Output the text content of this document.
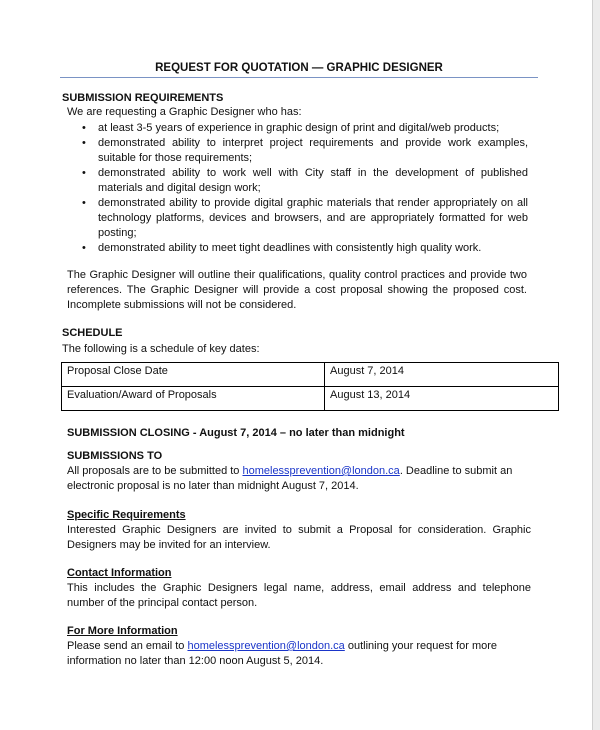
REQUEST FOR QUOTATION — GRAPHIC DESIGNER
SUBMISSION REQUIREMENTS
We are requesting a Graphic Designer who has:
• at least 3-5 years of experience in graphic design of print and digital/web products;
• demonstrated ability to interpret project requirements and provide work examples, suitable for those requirements;
• demonstrated ability to work well with City staff in the development of published materials and digital design work;
• demonstrated ability to provide digital graphic materials that render appropriately on all technology platforms, devices and browsers, and are appropriately formatted for web posting;
• demonstrated ability to meet tight deadlines with consistently high quality work.
The Graphic Designer will outline their qualifications, quality control practices and provide two references. The Graphic Designer will provide a cost proposal showing the proposed cost. Incomplete submissions will not be considered.
SCHEDULE
The following is a schedule of key dates:
Proposal Close Date	August 7, 2014
Evaluation/Award of Proposals	August 13, 2014
SUBMISSION CLOSING - August 7, 2014 – no later than midnight
SUBMISSIONS TO
All proposals are to be submitted to homelessprevention@london.ca. Deadline to submit an
electronic proposal is no later than midnight August 7, 2014.
Specific Requirements
Interested Graphic Designers are invited to submit a Proposal for consideration. Graphic Designers may be invited for an interview.
Contact Information
This includes the Graphic Designers legal name, address, email address and telephone number of the principal contact person.
For More Information
Please send an email to homelessprevention@london.ca outlining your request for more
information no later than 12:00 noon August 5, 2014.
